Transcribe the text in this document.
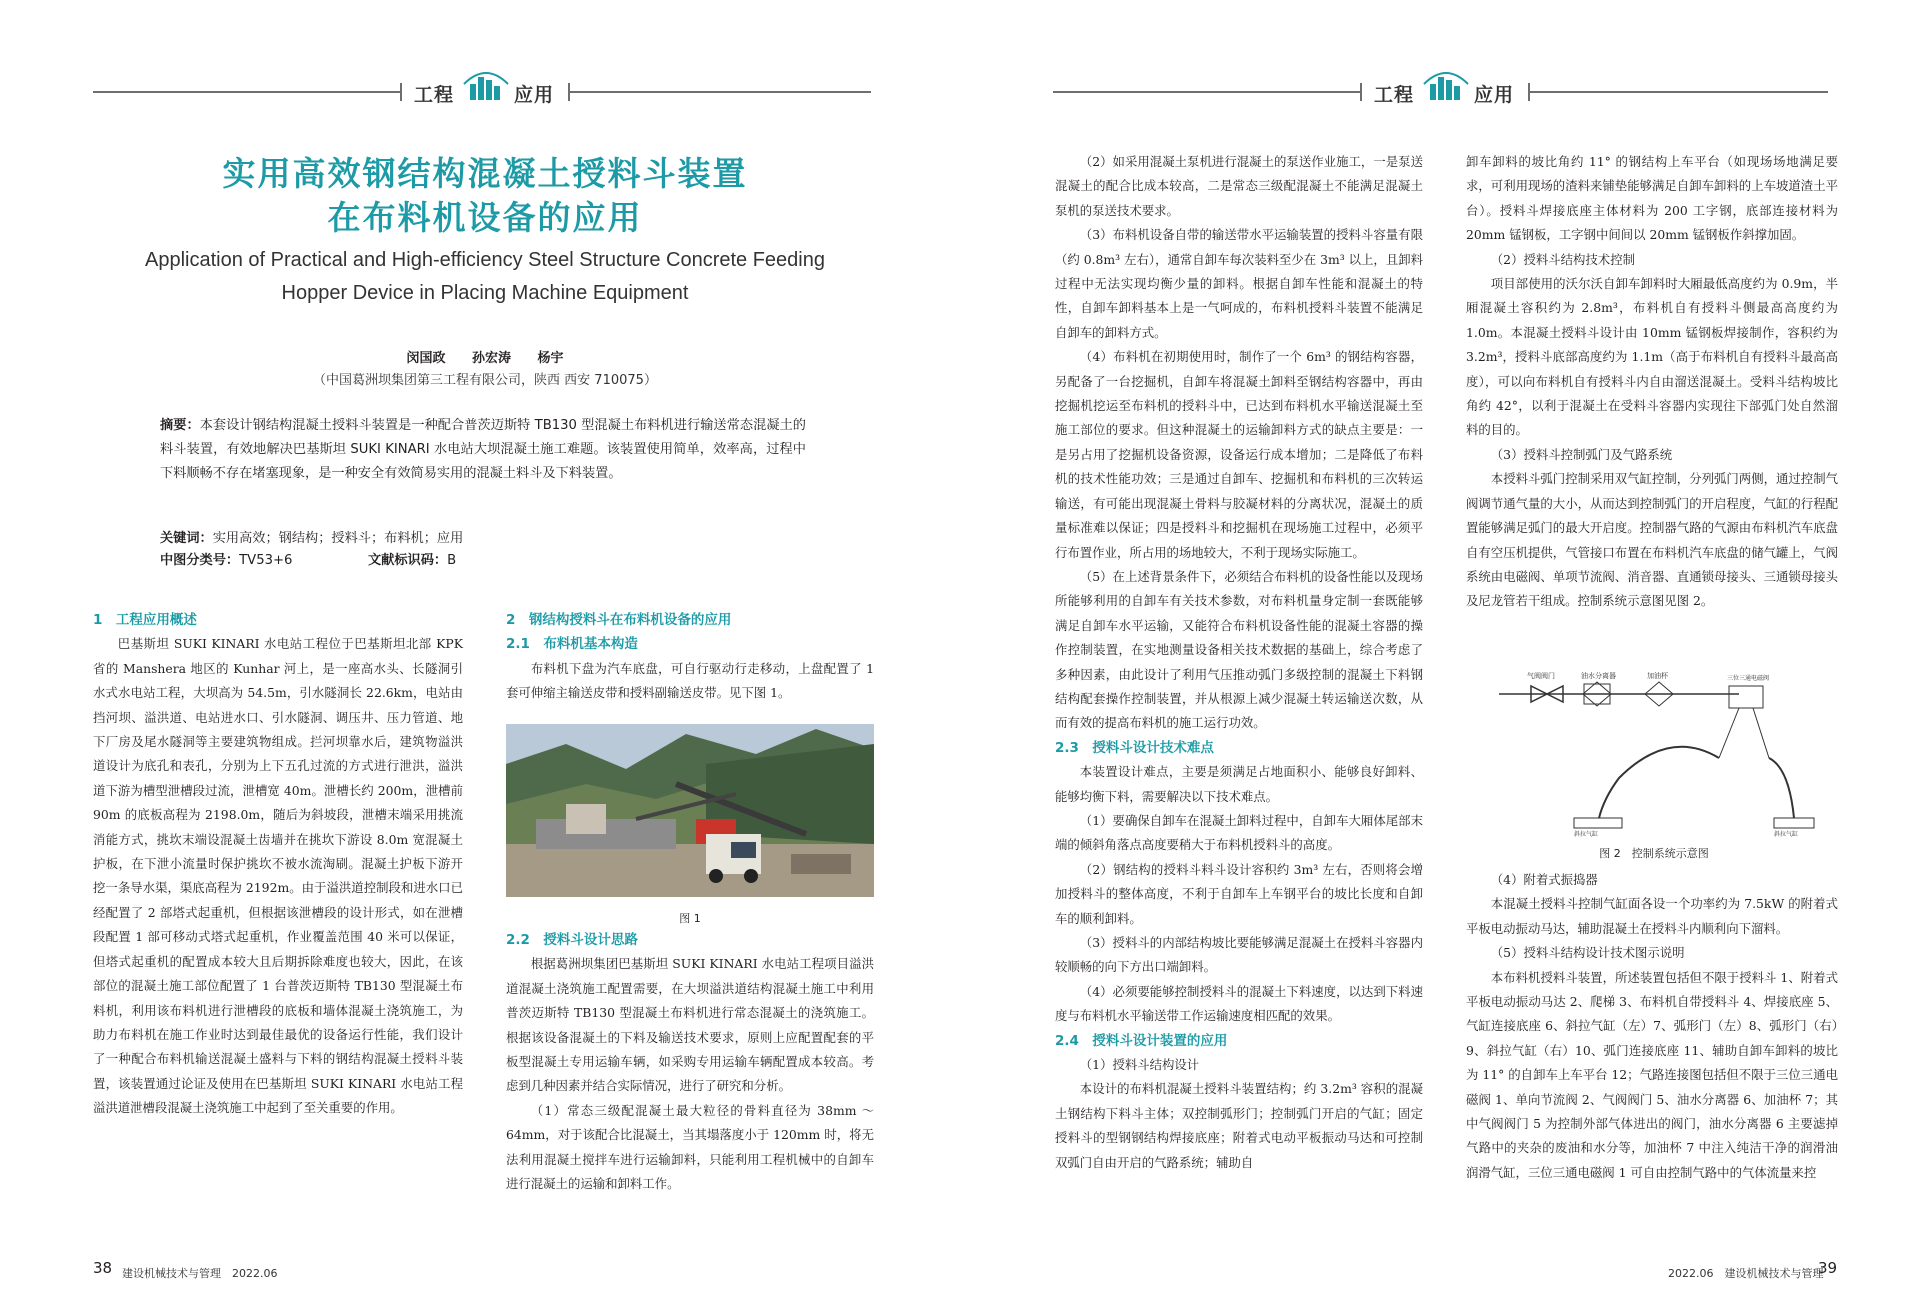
工程	应用	工程	应用
实用高效钢结构混凝土授料斗装置
在布料机设备的应用
Application of Practical and High-efficiency Steel Structure Concrete Feeding
Hopper Device in Placing Machine Equipment
闵国政 孙宏涛 杨宇
（中国葛洲坝集团第三工程有限公司，陕西 西安 710075）
摘要：本套设计钢结构混凝土授料斗装置是一种配合普茨迈斯特 TB130 型混凝土布料机进行输送常态混凝土的料斗装置，有效地解决巴基斯坦 SUKI KINARI 水电站大坝混凝土施工难题。该装置使用简单，效率高，过程中下料顺畅不存在堵塞现象，是一种安全有效简易实用的混凝土料斗及下料装置。
关键词：实用高效；钢结构；授料斗；布料机；应用
中图分类号：TV53+6	文献标识码：B

1　工程应用概述

巴基斯坦 SUKI KINARI 水电站工程位于巴基斯坦北部 KPK 省的 Manshera 地区的 Kunhar 河上，是一座高水头、长隧洞引水式水电站工程，大坝高为 54.5m，引水隧洞长 22.6km，电站由挡河坝、溢洪道、电站进水口、引水隧洞、调压井、压力管道、地下厂房及尾水隧洞等主要建筑物组成。拦河坝靠水后，建筑物溢洪道设计为底孔和表孔，分别为上下五孔过流的方式进行泄洪，溢洪道下游为槽型泄槽段过流，泄槽宽 40m。泄槽长约 200m，泄槽前 90m 的底板高程为 2198.0m，随后为斜坡段，泄槽末端采用挑流消能方式，挑坎末端设混凝土齿墙并在挑坎下游设 8.0m 宽混凝土护板，在下泄小流量时保护挑坎不被水流淘刷。混凝土护板下游开挖一条导水渠，渠底高程为 2192m。由于溢洪道控制段和进水口已经配置了 2 部塔式起重机，但根据该泄槽段的设计形式，如在泄槽段配置 1 部可移动式塔式起重机，作业覆盖范围 40 米可以保证，但塔式起重机的配置成本较大且后期拆除难度也较大，因此，在该部位的混凝土施工部位配置了 1 台普茨迈斯特 TB130 型混凝土布料机，利用该布料机进行泄槽段的底板和墙体混凝土浇筑施工，为助力布料机在施工作业时达到最佳最优的设备运行性能，我们设计了一种配合布料机输送混凝土盛料与下料的钢结构混凝土授料斗装置，该装置通过论证及使用在巴基斯坦 SUKI KINARI 水电站工程溢洪道泄槽段混凝土浇筑施工中起到了至关重要的作用。

2　钢结构授料斗在布料机设备的应用

2.1　布料机基本构造

布料机下盘为汽车底盘，可自行驱动行走移动，上盘配置了 1 套可伸缩主输送皮带和授料副输送皮带。见下图 1。

图 1

2.2　授料斗设计思路

根据葛洲坝集团巴基斯坦 SUKI KINARI 水电站工程项目溢洪道混凝土浇筑施工配置需要，在大坝溢洪道结构混凝土施工中利用普茨迈斯特 TB130 型混凝土布料机进行常态混凝土的浇筑施工。根据该设备混凝土的下料及输送技术要求，原则上应配置配套的平板型混凝土专用运输车辆，如采购专用运输车辆配置成本较高。考虑到几种因素并结合实际情况，进行了研究和分析。

（1）常态三级配混凝土最大粒径的骨料直径为 38mm ～ 64mm，对于该配合比混凝土，当其塌落度小于 120mm 时，将无法利用混凝土搅拌车进行运输卸料，只能利用工程机械中的自卸车进行混凝土的运输和卸料工作。

（2）如采用混凝土泵机进行混凝土的泵送作业施工，一是泵送混凝土的配合比成本较高，二是常态三级配混凝土不能满足混凝土泵机的泵送技术要求。

（3）布料机设备自带的输送带水平运输装置的授料斗容量有限（约 0.8m³ 左右），通常自卸车每次装料至少在 3m³ 以上，且卸料过程中无法实现均衡少量的卸料。根据自卸车性能和混凝土的特性，自卸车卸料基本上是一气呵成的，布料机授料斗装置不能满足自卸车的卸料方式。

（4）布料机在初期使用时，制作了一个 6m³ 的钢结构容器，另配备了一台挖掘机，自卸车将混凝土卸料至钢结构容器中，再由挖掘机挖运至布料机的授料斗中，已达到布料机水平输送混凝土至施工部位的要求。但这种混凝土的运输卸料方式的缺点主要是：一是另占用了挖掘机设备资源，设备运行成本增加；二是降低了布料机的技术性能功效；三是通过自卸车、挖掘机和布料机的三次转运输送，有可能出现混凝土骨料与胶凝材料的分离状况，混凝土的质量标准难以保证；四是授料斗和挖掘机在现场施工过程中，必须平行布置作业，所占用的场地较大，不利于现场实际施工。

（5）在上述背景条件下，必须结合布料机的设备性能以及现场所能够利用的自卸车有关技术参数，对布料机量身定制一套既能够满足自卸车水平运输，又能符合布料机设备性能的混凝土容器的操作控制装置，在实地测量设备相关技术数据的基础上，综合考虑了多种因素，由此设计了利用气压推动弧门多级控制的混凝土下料钢结构配套操作控制装置，并从根源上减少混凝土转运输送次数，从而有效的提高布料机的施工运行功效。

2.3　授料斗设计技术难点

本装置设计难点，主要是须满足占地面积小、能够良好卸料、能够均衡下料，需要解决以下技术难点。

（1）要确保自卸车在混凝土卸料过程中，自卸车大厢体尾部末端的倾斜角落点高度要稍大于布料机授料斗的高度。

（2）钢结构的授料斗料斗设计容积约 3m³ 左右，否则将会增加授料斗的整体高度，不利于自卸车上车钢平台的坡比长度和自卸车的顺利卸料。

（3）授料斗的内部结构坡比要能够满足混凝土在授料斗容器内较顺畅的向下方出口端卸料。

（4）必须要能够控制授料斗的混凝土下料速度，以达到下料速度与布料机水平输送带工作运输速度相匹配的效果。

2.4　授料斗设计装置的应用

（1）授料斗结构设计

本设计的布料机混凝土授料斗装置结构；约 3.2m³ 容积的混凝土钢结构下料斗主体；双控制弧形门；控制弧门开启的气缸；固定授料斗的型钢钢结构焊接底座；附着式电动平板振动马达和可控制双弧门自由开启的气路系统；辅助自

卸车卸料的坡比角约 11° 的钢结构上车平台（如现场场地满足要求，可利用现场的渣料来铺垫能够满足自卸车卸料的上车坡道渣土平台）。授料斗焊接底座主体材料为 200 工字钢，底部连接材料为 20mm 锰钢板，工字钢中间间以 20mm 锰钢板作斜撑加固。

（2）授料斗结构技术控制

项目部使用的沃尔沃自卸车卸料时大厢最低高度约为 0.9m，半厢混凝土容积约为 2.8m³，布料机自有授料斗侧最高高度约为 1.0m。本混凝土授料斗设计由 10mm 锰钢板焊接制作，容积约为 3.2m³，授料斗底部高度约为 1.1m（高于布料机自有授料斗最高高度），可以向布料机自有授料斗内自由溜送混凝土。受料斗结构坡比角约 42°，以利于混凝土在受料斗容器内实现往下部弧门处自然溜料的目的。

（3）授料斗控制弧门及气路系统

本授料斗弧门控制采用双气缸控制，分列弧门两侧，通过控制气阀调节通气量的大小，从而达到控制弧门的开启程度，气缸的行程配置能够满足弧门的最大开启度。控制器气路的气源由布料机汽车底盘自有空压机提供，气管接口布置在布料机汽车底盘的储气罐上，气阀系统由电磁阀、单项节流阀、消音器、直通锁母接头、三通锁母接头及尼龙管若干组成。控制系统示意图见图 2。

气阀阀门	油水分离器	加油杯	三位三通电磁阀
斜拉气缸	斜拉气缸
图 2　控制系统示意图

（4）附着式振捣器

本混凝土授料斗控制气缸面各设一个功率约为 7.5kW 的附着式平板电动振动马达，辅助混凝土在授料斗内顺利向下溜料。

（5）授料斗结构设计技术图示说明

本布料机授料斗装置，所述装置包括但不限于授料斗 1、附着式平板电动振动马达 2、爬梯 3、布料机自带授料斗 4、焊接底座 5、气缸连接底座 6、斜拉气缸（左）7、弧形门（左）8、弧形门（右）9、斜拉气缸（右）10、弧门连接底座 11、辅助自卸车卸料的坡比为 11° 的自卸车上车平台 12；气路连接图包括但不限于三位三通电磁阀 1、单向节流阀 2、气阀阀门 5、油水分离器 6、加油杯 7；其中气阀阀门 5 为控制外部气体进出的阀门，油水分离器 6 主要滤掉气路中的夹杂的废油和水分等，加油杯 7 中注入纯洁干净的润滑油润滑气缸，三位三通电磁阀 1 可自由控制气路中的气体流量来控

38 建设机械技术与管理　2022.06	2022.06　建设机械技术与管理
39
